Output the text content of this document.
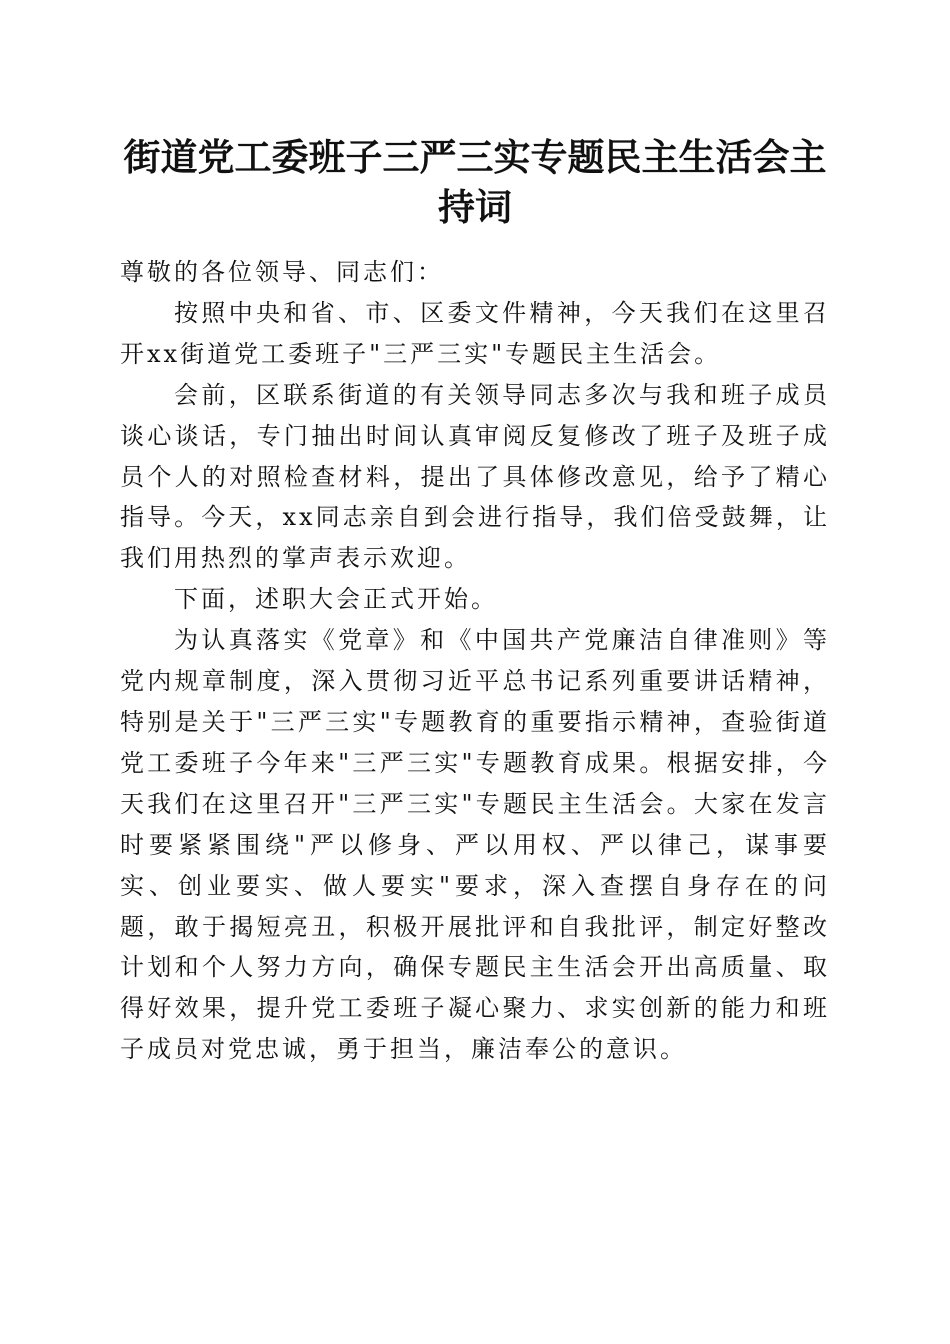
街道党工委班子三严三实专题民主生活会主持词

尊敬的各位领导、同志们：

按照中央和省、市、区委文件精神，今天我们在这里召开xx街道党工委班子"三严三实"专题民主生活会。

会前，区联系街道的有关领导同志多次与我和班子成员谈心谈话，专门抽出时间认真审阅反复修改了班子及班子成员个人的对照检查材料，提出了具体修改意见，给予了精心指导。今天，xx同志亲自到会进行指导，我们倍受鼓舞，让我们用热烈的掌声表示欢迎。

下面，述职大会正式开始。

为认真落实《党章》和《中国共产党廉洁自律准则》等党内规章制度，深入贯彻习近平总书记系列重要讲话精神，特别是关于"三严三实"专题教育的重要指示精神，查验街道党工委班子今年来"三严三实"专题教育成果。根据安排，今天我们在这里召开"三严三实"专题民主生活会。大家在发言时要紧紧围绕"严以修身、严以用权、严以律己，谋事要实、创业要实、做人要实"要求，深入查摆自身存在的问题，敢于揭短亮丑，积极开展批评和自我批评，制定好整改计划和个人努力方向，确保专题民主生活会开出高质量、取得好效果，提升党工委班子凝心聚力、求实创新的能力和班子成员对党忠诚，勇于担当，廉洁奉公的意识。
